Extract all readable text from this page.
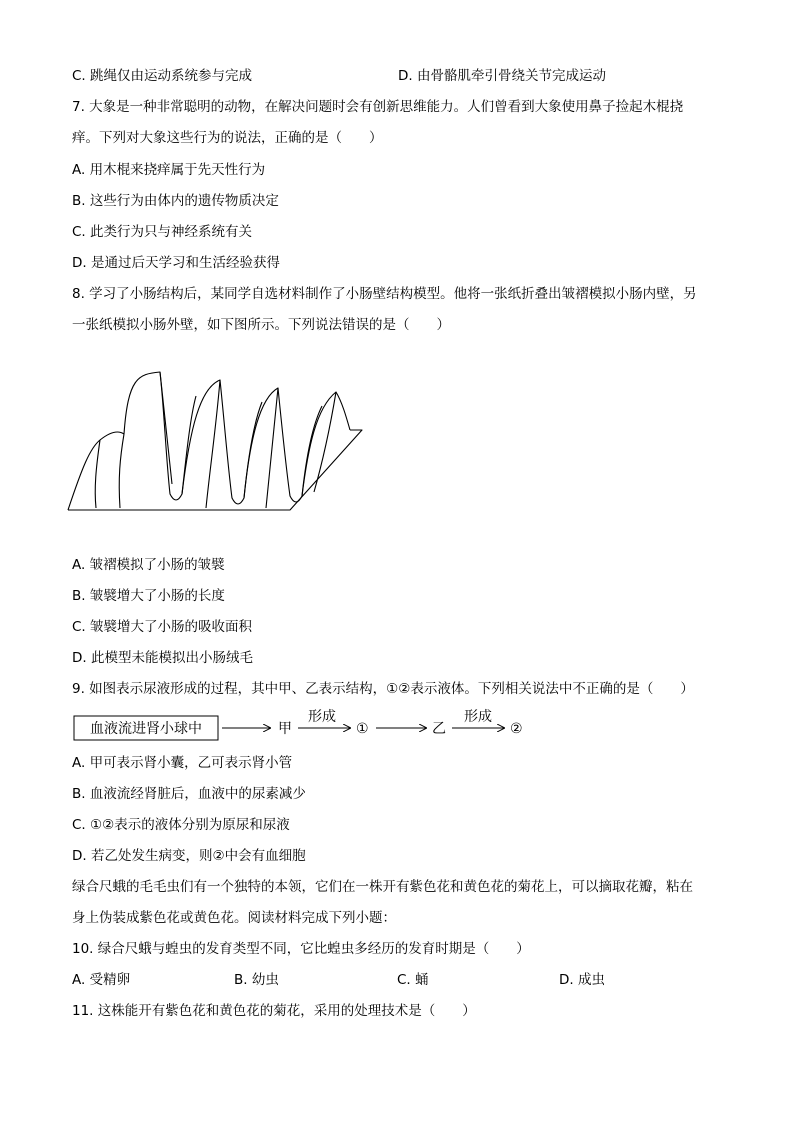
C. 跳绳仅由运动系统参与完成	D. 由骨骼肌牵引骨绕关节完成运动
7. 大象是一种非常聪明的动物，在解决问题时会有创新思维能力。人们曾看到大象使用鼻子捡起木棍挠
痒。下列对大象这些行为的说法，正确的是（　　）
A. 用木棍来挠痒属于先天性行为
B. 这些行为由体内的遗传物质决定
C. 此类行为只与神经系统有关
D. 是通过后天学习和生活经验获得
8. 学习了小肠结构后，某同学自选材料制作了小肠壁结构模型。他将一张纸折叠出皱褶模拟小肠内壁，另
一张纸模拟小肠外壁，如下图所示。下列说法错误的是（　　）
A. 皱褶模拟了小肠的皱襞
B. 皱襞增大了小肠的长度
C. 皱襞增大了小肠的吸收面积
D. 此模型未能模拟出小肠绒毛
9. 如图表示尿液形成的过程，其中甲、乙表示结构，①②表示液体。下列相关说法中不正确的是（　　）
血液流进肾小球中	甲
形成
①	乙
形成
②
A. 甲可表示肾小囊，乙可表示肾小管
B. 血液流经肾脏后，血液中的尿素减少
C. ①②表示的液体分别为原尿和尿液
D. 若乙处发生病变，则②中会有血细胞
绿合尺蛾的毛毛虫们有一个独特的本领，它们在一株开有紫色花和黄色花的菊花上，可以摘取花瓣，粘在
身上伪装成紫色花或黄色花。阅读材料完成下列小题：
10. 绿合尺蛾与蝗虫的发育类型不同，它比蝗虫多经历的发育时期是（　　）
A. 受精卵	B. 幼虫	C. 蛹	D. 成虫
11. 这株能开有紫色花和黄色花的菊花，采用的处理技术是（　　）
